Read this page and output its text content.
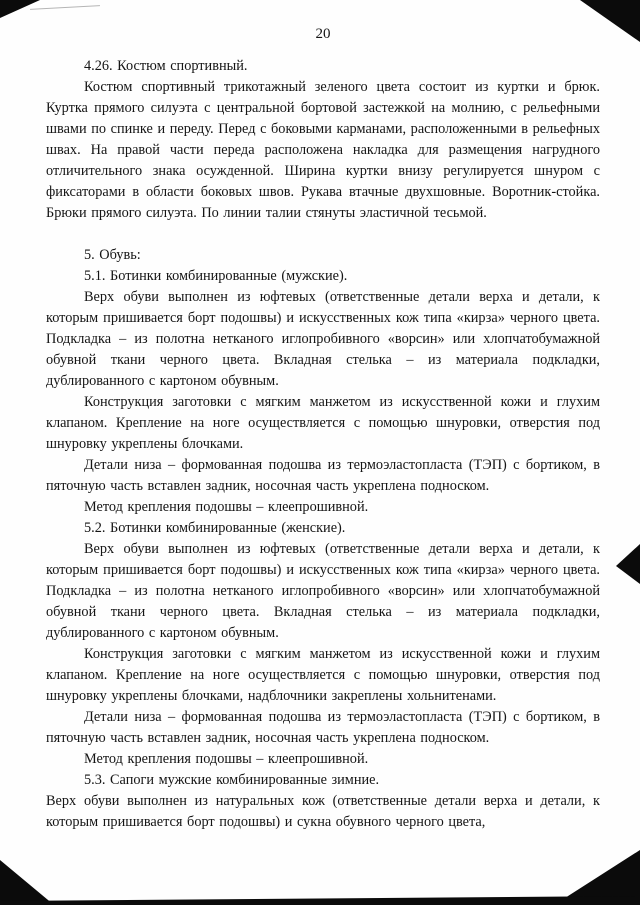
20

4.26. Костюм спортивный.

Костюм спортивный трикотажный зеленого цвета состоит из куртки и брюк. Куртка прямого силуэта с центральной бортовой застежкой на молнию, с рельефными швами по спинке и переду. Перед с боковыми карманами, расположенными в рельефных швах. На правой части переда расположена накладка для размещения нагрудного отличительного знака осужденной. Ширина куртки внизу регулируется шнуром с фиксаторами в области боковых швов. Рукава втачные двухшовные. Воротник-стойка. Брюки прямого силуэта. По линии талии стянуты эластичной тесьмой.

5. Обувь:

5.1. Ботинки комбинированные (мужские).

Верх обуви выполнен из юфтевых (ответственные детали верха и детали, к которым пришивается борт подошвы) и искусственных кож типа «кирза» черного цвета. Подкладка – из полотна нетканого иглопробивного «ворсин» или хлопчатобумажной обувной ткани черного цвета. Вкладная стелька – из материала подкладки, дублированного с картоном обувным.

Конструкция заготовки с мягким манжетом из искусственной кожи и глухим клапаном. Крепление на ноге осуществляется с помощью шнуровки, отверстия под шнуровку укреплены блочками.

Детали низа – формованная подошва из термоэластопласта (ТЭП) с бортиком, в пяточную часть вставлен задник, носочная часть укреплена подноском.

Метод крепления подошвы – клеепрошивной.

5.2. Ботинки комбинированные (женские).

Верх обуви выполнен из юфтевых (ответственные детали верха и детали, к которым пришивается борт подошвы) и искусственных кож типа «кирза» черного цвета. Подкладка – из полотна нетканого иглопробивного «ворсин» или хлопчатобумажной обувной ткани черного цвета. Вкладная стелька – из материала подкладки, дублированного с картоном обувным.

Конструкция заготовки с мягким манжетом из искусственной кожи и глухим клапаном. Крепление на ноге осуществляется с помощью шнуровки, отверстия под шнуровку укреплены блочками, надблочники закреплены хольнитенами.

Детали низа – формованная подошва из термоэластопласта (ТЭП) с бортиком, в пяточную часть вставлен задник, носочная часть укреплена подноском.

Метод крепления подошвы – клеепрошивной.

5.3. Сапоги мужские комбинированные зимние.

Верх обуви выполнен из натуральных кож (ответственные детали верха и детали, к которым пришивается борт подошвы) и сукна обувного черного цвета,
